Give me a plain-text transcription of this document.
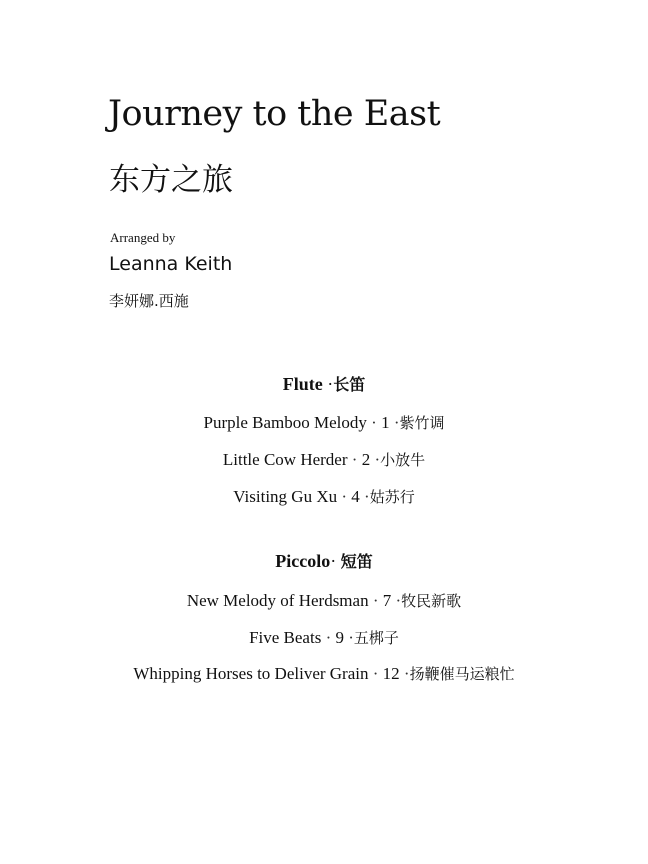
Journey to the East
东方之旅
Arranged by
Leanna Keith
李妍娜.西施
Flute ·长笛
Purple Bamboo Melody · 1 ·紫竹调
Little Cow Herder · 2 ·小放牛
Visiting Gu Xu · 4 ·姑苏行
Piccolo· 短笛
New Melody of Herdsman · 7 ·牧民新歌
Five Beats · 9 ·五梆子
Whipping Horses to Deliver Grain · 12 ·扬鞭催马运粮忙
